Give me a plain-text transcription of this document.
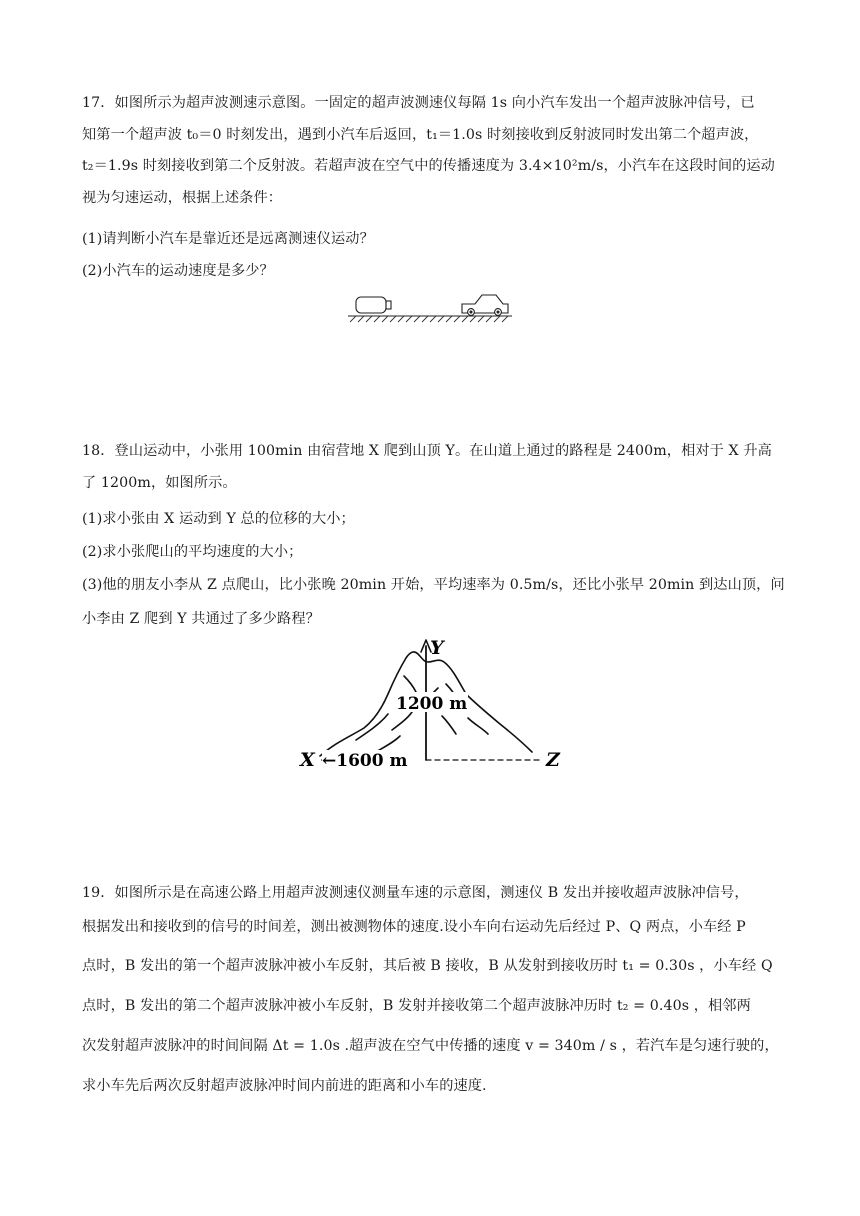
17．如图所示为超声波测速示意图。一固定的超声波测速仪每隔 1s 向小汽车发出一个超声波脉冲信号，已
知第一个超声波 t₀＝0 时刻发出，遇到小汽车后返回，t₁＝1.0s 时刻接收到反射波同时发出第二个超声波，
t₂＝1.9s 时刻接收到第二个反射波。若超声波在空气中的传播速度为 3.4×10²m/s，小汽车在这段时间的运动
视为匀速运动，根据上述条件：
(1)请判断小汽车是靠近还是远离测速仪运动？
(2)小汽车的运动速度是多少？
18．登山运动中，小张用 100min 由宿营地 X 爬到山顶 Y。在山道上通过的路程是 2400m，相对于 X 升高
了 1200m，如图所示。
(1)求小张由 X 运动到 Y 总的位移的大小；
(2)求小张爬山的平均速度的大小；
(3)他的朋友小李从 Z 点爬山，比小张晚 20min 开始，平均速率为 0.5m/s，还比小张早 20min 到达山顶，问
小李由 Z 爬到 Y 共通过了多少路程？
1200 m
Y
X	Z
←1600 m
19．如图所示是在高速公路上用超声波测速仪测量车速的示意图，测速仪 B 发出并接收超声波脉冲信号，
根据发出和接收到的信号的时间差，测出被测物体的速度.设小车向右运动先后经过 P、Q 两点，小车经 P
点时，B 发出的第一个超声波脉冲被小车反射，其后被 B 接收，B 从发射到接收历时 t₁ = 0.30s ，小车经 Q
点时，B 发出的第二个超声波脉冲被小车反射，B 发射并接收第二个超声波脉冲历时 t₂ = 0.40s ，相邻两
次发射超声波脉冲的时间间隔 Δt = 1.0s .超声波在空气中传播的速度 v = 340m / s ，若汽车是匀速行驶的，
求小车先后两次反射超声波脉冲时间内前进的距离和小车的速度.
